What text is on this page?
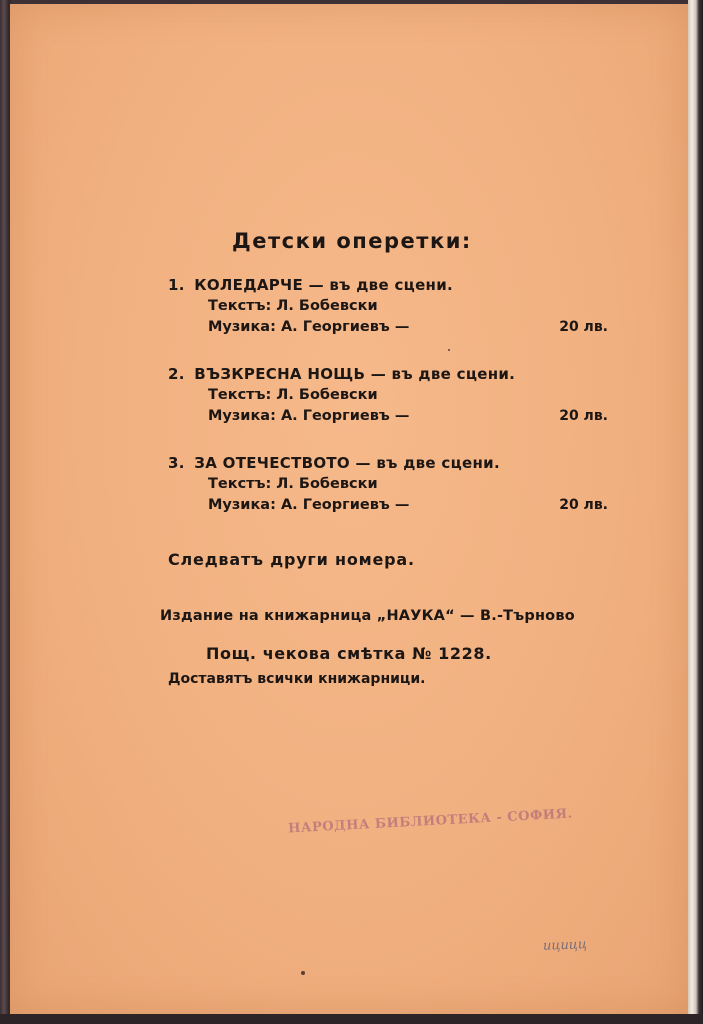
Детски оперетки:
1. КОЛЕДАРЧЕ — въ две сцени.
Текстъ: Л. Бобевски
Музика: А. Георгиевъ —	20 лв.
2. ВЪЗКРЕСНА НОЩЬ — въ две сцени.
Текстъ: Л. Бобевски
Музика: А. Георгиевъ —	20 лв.
3. ЗА ОТЕЧЕСТВОТО — въ две сцени.
Текстъ: Л. Бобевски
Музика: А. Георгиевъ —	20 лв.
Следватъ други номера.
Издание на книжарница „НАУКА“ — В.-Търново
Пощ. чекова смѣтка № 1228.
Доставятъ всички книжарници.
НАРОДНА БИБЛИОТЕКА - СОФИЯ.
ицицц
